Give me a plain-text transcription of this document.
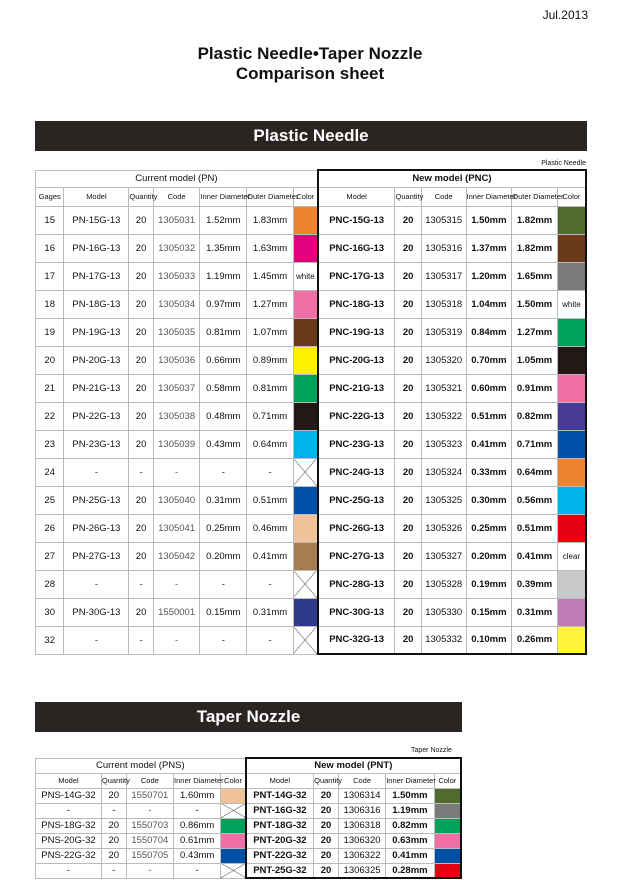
Jul.2013
Plastic Needle•Taper Nozzle
Comparison sheet
Plastic Needle
Plastic Needle
Current model (PN)							New model (PNC)					
Gages	Model	Quantity	Code	Inner Diameter	Outer Diameter	Color	Model	Quantity	Code	Inner Diameter	Outer Diameter	Color
15	PN-15G-13	20	1305031	1.52mm	1.83mm		PNC-15G-13	20	1305315	1.50mm	1.82mm	
16	PN-16G-13	20	1305032	1.35mm	1.63mm		PNC-16G-13	20	1305316	1.37mm	1.82mm	
17	PN-17G-13	20	1305033	1.19mm	1.45mm	white	PNC-17G-13	20	1305317	1.20mm	1.65mm	
18	PN-18G-13	20	1305034	0.97mm	1.27mm		PNC-18G-13	20	1305318	1.04mm	1.50mm	white
19	PN-19G-13	20	1305035	0.81mm	1.07mm		PNC-19G-13	20	1305319	0.84mm	1.27mm	
20	PN-20G-13	20	1305036	0.66mm	0.89mm		PNC-20G-13	20	1305320	0.70mm	1.05mm	
21	PN-21G-13	20	1305037	0.58mm	0.81mm		PNC-21G-13	20	1305321	0.60mm	0.91mm	
22	PN-22G-13	20	1305038	0.48mm	0.71mm		PNC-22G-13	20	1305322	0.51mm	0.82mm	
23	PN-23G-13	20	1305039	0.43mm	0.64mm		PNC-23G-13	20	1305323	0.41mm	0.71mm	
24	-	-	-	-	-		PNC-24G-13	20	1305324	0.33mm	0.64mm	
25	PN-25G-13	20	1305040	0.31mm	0.51mm		PNC-25G-13	20	1305325	0.30mm	0.56mm	
26	PN-26G-13	20	1305041	0.25mm	0.46mm		PNC-26G-13	20	1305326	0.25mm	0.51mm	
27	PN-27G-13	20	1305042	0.20mm	0.41mm		PNC-27G-13	20	1305327	0.20mm	0.41mm	clear
28	-	-	-	-	-		PNC-28G-13	20	1305328	0.19mm	0.39mm	
30	PN-30G-13	20	1550001	0.15mm	0.31mm		PNC-30G-13	20	1305330	0.15mm	0.31mm	
32	-	-	-	-	-		PNC-32G-13	20	1305332	0.10mm	0.26mm	
Taper Nozzle
Taper Nozzle
Current model (PNS)					New model (PNT)				
Model	Quantity	Code	Inner Diameter	Color	Model	Quantity	Code	Inner Diameter	Color
PNS-14G-32	20	1550701	1.60mm		PNT-14G-32	20	1306314	1.50mm	
-	-	-	-		PNT-16G-32	20	1306316	1.19mm	
PNS-18G-32	20	1550703	0.86mm		PNT-18G-32	20	1306318	0.82mm	
PNS-20G-32	20	1550704	0.61mm		PNT-20G-32	20	1306320	0.63mm	
PNS-22G-32	20	1550705	0.43mm		PNT-22G-32	20	1306322	0.41mm	
-	-	-	-		PNT-25G-32	20	1306325	0.28mm	
